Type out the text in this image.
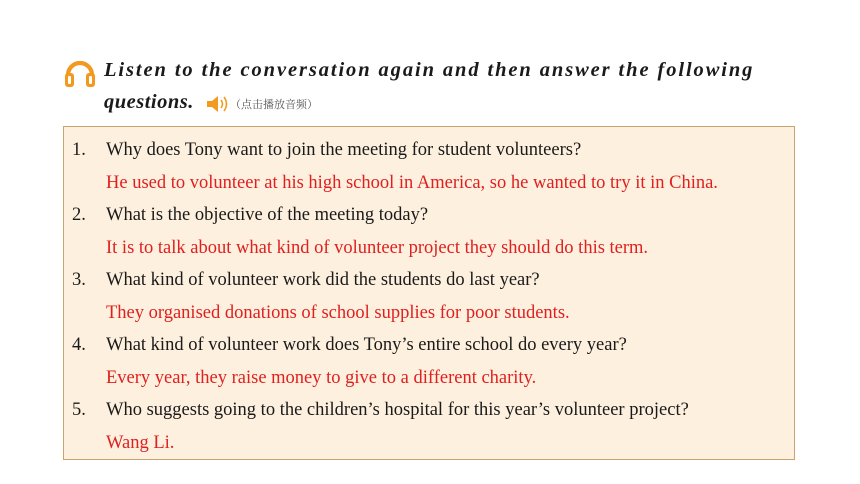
Listen to the conversation again and then answer the following
questions.	（点击播放音频）
1. Why does Tony want to join the meeting for student volunteers?
He used to volunteer at his high school in America, so he wanted to try it in China.
2. What is the objective of the meeting today?
It is to talk about what kind of volunteer project they should do this term.
3. What kind of volunteer work did the students do last year?
They organised donations of school supplies for poor students.
4. What kind of volunteer work does Tony’s entire school do every year?
Every year, they raise money to give to a different charity.
5. Who suggests going to the children’s hospital for this year’s volunteer project?
Wang Li.
